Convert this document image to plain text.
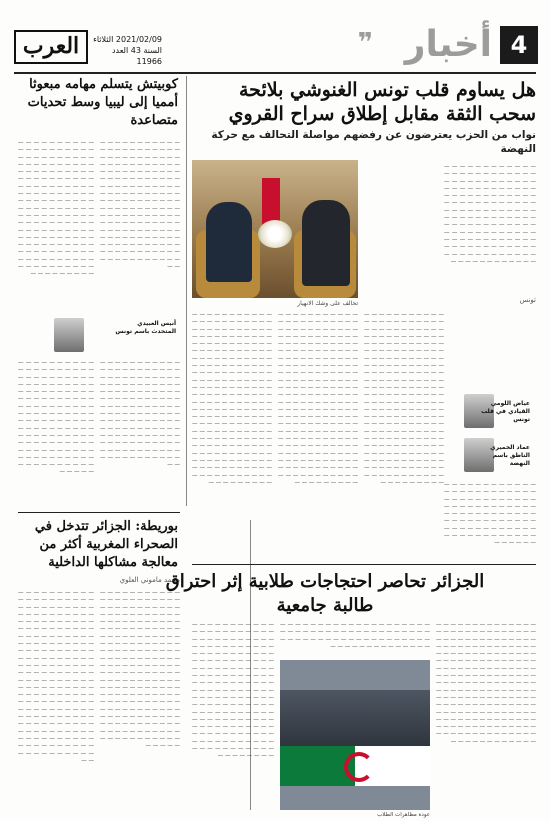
العرب	2021/02/09 الثلاثاء
السنة 43 العدد 11966
4
أخبار
❞
هل يساوم قلب تونس الغنوشي بلائحة سحب الثقة مقابل إطلاق سراح القروي
نواب من الحزب يعترضون عن رفضهم مواصلة التحالف مع حركة النهضة
كوبيتش يتسلم مهامه مبعوثا أمميا إلى ليبيا وسط تحديات متصاعدة
— — — — — — — — — — — — — — — — — — — — — — — — — — — — — — — — — — — — — — — — — — — — — — — — — — — — — — — — — — — — — — — — — — — — — — — — — — — — — — — — — — — — — — — — — — — — — — — — — — — — — — — — — — — — — — — — — — — — — — — — — — — — — — — — — — — — — — — — — — — — — — — — — — — — — — — — — — — — — — — — — — — — — — — — — — — — — — — — — — — — — — — — — — — — —
— — — — — — — — — — — — — — — — — — — — — — — — — — — — — — — — — — — — — — — — — — — — — — — — — — — — — — — — — — — — — — — — — — — — — — — — — — — — — — — — — — — — — — — — — — — — — — — — — — — — — — — — — — — — — — — — — — — — — — — — — — — — — — — — — — — — — — — — — — — — — — — — — — — — — — — — — — — — — — — — — — — — — — — — — — — — — — — — — — — — — — — — — — — — —
أنيس العبيدي
المتحدث باسم تونس
— — — — — — — — — — — — — — — — — — — — — — — — — — — — — — — — — — — — — — — — — — — — — — — — — — — — — — — — — — — — — — — — — — — — — — — — — — — — — — — — — — — — — — — — — — — — — — — — — — — — — — — — — — — — — — — — — — — — — — — — — — — — — — — — — — — — — — — — — — — — — — — — — — — — — — — — — — —
— — — — — — — — — — — — — — — — — — — — — — — — — — — — — — — — — — — — — — — — — — — — — — — — — — — — — — — — — — — — — — — — — — — — — — — — — — — — — — — — — — — — — — — — — — — — — — — — — — — — — — — — — — — — — — — — — — — — — — — — — — — — — — — — — — — — — — — — — — — — — — — — — — — — — — — — — — — —
— — — — — — — — — — — — — — — — — — — — — — — — — — — — — — — — — — — — — — — — — — — — — — — — — — — — — — — — — — — — — — — — — — — — — — — — — — — — — — — — — — — — — — — — — — — — — — — — — — — — — — — — — — — — — — — — — — — — — — — — — — — — — — — — — — — — — — — — — — — — — — — — — — — — — — — — — — — — — — — — — — — — — — — —
تونس
تحالف على وشك الانهيار
— — — — — — — — — — — — — — — — — — — — — — — — — — — — — — — — — — — — — — — — — — — — — — — — — — — — — — — — — — — — — — — — — — — — — — — — — — — — — — — — — — — — — — — — — — — — — — — — — — — — — — — — — — — — — — — — — — — — — — — — — — — — — — — — — — — — — — — — — — — — — — — — — — — — — — — — — — — — — — — — — — — — — — — — — — — — — — — — — — — — — — — — — — — — — — — — — — — — — — — — — — — — — — — — — — — — — — — — — — — — — — — — — — — — — — — — — — — — — — — — — — — — — — — — — — — — — — — — — — — — — —
— — — — — — — — — — — — — — — — — — — — — — — — — — — — — — — — — — — — — — — — — — — — — — — — — — — — — — — — — — — — — — — — — — — — — — — — — — — — — — — — — — — — — — — — — — — — — — — — — — — — — — — — — — — — — — — — — — — — — — — — — — — — — — — — — — — — — — — — — — — — — — — — — — — — — — — — — — — — — — — — — — — — — — — — — — — — — — — — — — — — — — — — — — — — — — — — — — — — — — — — — — — — — — — — — — — — — — — — — — — — — — — — — — — — — — — — — — — — — — — — — — — — — — — — — — — — — — — — — — — — — —
— — — — — — — — — — — — — — — — — — — — — — — — — — — — — — — — — — — — — — — — — — — — — — — — — — — — — — — — — — — — — — — — — — — — — — — — — — — — — — — — — — — — — — — — — — — — — — — — — — — — — — — — — — — — — — — — — — — — — — — — — — — — — — — — — — — — — — — — — — — — — — — — — — — — — — — — — — — — — — — — — — — — — — — — — — — — — — — — — — — — — — — — — — — — — — — — — — — — — — — — — — — — — — — — — — — — — — — — — — — — — — — — — — — — — — — — — — — — — — — — — — — — — — — — — — — — — — — — — — — — — —
عياض اللومي
القيادي في قلب تونس
عماد الخميري
الناطق باسم النهضة
— — — — — — — — — — — — — — — — — — — — — — — — — — — — — — — — — — — — — — — — — — — — — — — — — — — — — — — — — — — — — — — — — — — — — — — — — — — — — — — — — — — — — — — — — — — — — — — — — — — — — —
بوريطة: الجزائر تتدخل في الصحراء المغربية أكثر من معالجة مشاكلها الداخلية
محمد ماموني العلوي
— — — — — — — — — — — — — — — — — — — — — — — — — — — — — — — — — — — — — — — — — — — — — — — — — — — — — — — — — — — — — — — — — — — — — — — — — — — — — — — — — — — — — — — — — — — — — — — — — — — — — — — — — — — — — — — — — — — — — — — — — — — — — — — — — — — — — — — — — — — — — — — — — — — — — — — — — — — — — — — — — — — — — — — — — — — — — — — — — — — — — — — — — — — — — — — — — — — — — — — — — — — — — — — — — — — — — — — — — — — — — — — — — — — — — — — —
— — — — — — — — — — — — — — — — — — — — — — — — — — — — — — — — — — — — — — — — — — — — — — — — — — — — — — — — — — — — — — — — — — — — — — — — — — — — — — — — — — — — — — — — — — — — — — — — — — — — — — — — — — — — — — — — — — — — — — — — — — — — — — — — — — — — — — — — — — — — — — — — — — — — — — — — — — — — — — — — — — — — — — — — — — — — — — — — — — — — — — — — — — — — — — — — — — — — — — — — — — — — — — — — — — — — — — — — — — — — — — — — — — — — — — — — — — — —
الجزائر تحاصر احتجاجات طلابية إثر احتراق طالبة جامعية
— — — — — — — — — — — — — — — — — — — — — — — — — — — — — — — — — — — — — — — — — — — — — — — — — — — — — — — — — — — — — — — — — — — — — — — — — — — — — — — — — — — — — — — — — — — — — — — — — — — — — — — — — — — — — — — — — — — — — — — — — — — — — — — — — — — — — — — — — — — — — — — — — — — — — — — — — — — — — — — — — — — — — — — — — — — — — — — — — — — — — — — — — — — — — — — — — — — — — — — — — — — — — —
— — — — — — — — — — — — — — — — — — — — — — — — — — — — — — — — — — — — — — — — — — — — — — — — — — — — — — — — — — — — — — — — — — — — — — — — — —
— — — — — — — — — — — — — — — — — — — — — — — — — — — — — — — — — — — — — — — — — — — — — — — — — — — — — — — — — — — — — — — — — — — — — — — — — — — — — — — — — — — — — — — — — — — — — — — — — — — — — — — — — — — — — — — — — — — — — — — — — — — — — — — — — — — — — — — — — — — — — — — — — — — — — — — — — — — — — — — — — — — — — — — — — — — — — — — — — — — — — — — — — — — — — — — — — — — — — — — — — — — — — — — — — — — — — — — — — — — — — — — — — — — — — — — — — — — —
عودة مظاهرات الطلاب
